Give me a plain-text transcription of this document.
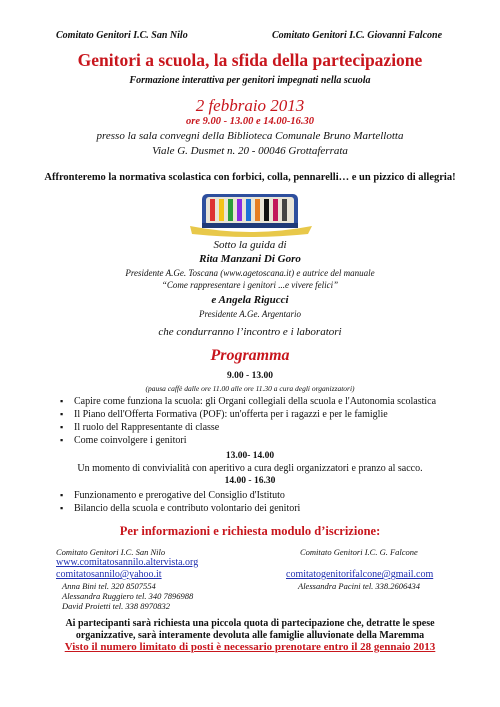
Comitato Genitori I.C. San Nilo	Comitato Genitori I.C. Giovanni Falcone
Genitori a scuola, la sfida della partecipazione
Formazione interattiva per genitori impegnati nella scuola
2 febbraio 2013
ore 9.00 - 13.00 e 14.00-16.30
presso la sala convegni della Biblioteca Comunale Bruno Martellotta
Viale G. Dusmet n. 20 - 00046 Grottaferrata
Affronteremo la normativa scolastica con forbici, colla, pennarelli… e un pizzico di allegria!
Sotto la guida di
Rita Manzani Di Goro
Presidente A.Ge. Toscana (www.agetoscana.it) e autrice del manuale
“Come rappresentare i genitori ...e vivere felici”
e Angela Rigucci
Presidente A.Ge. Argentario
che condurranno l’incontro e i laboratori
Programma
9.00 - 13.00
(pausa caffè dalle ore 11.00 alle ore 11.30 a cura degli organizzatori)
▪ Capire come funziona la scuola: gli Organi collegiali della scuola e l'Autonomia scolastica
▪ Il Piano dell'Offerta Formativa (POF): un'offerta per i ragazzi e per le famiglie
▪ Il ruolo del Rappresentante di classe
▪ Come coinvolgere i genitori
13.00- 14.00
Un momento di convivialità con aperitivo a cura degli organizzatori e pranzo al sacco.
14.00 - 16.30
▪ Funzionamento e prerogative del Consiglio d'Istituto
▪ Bilancio della scuola e contributo volontario dei genitori
Per informazioni e richiesta modulo d’iscrizione:
Comitato Genitori I.C. San Nilo	Comitato Genitori I.C. G. Falcone
www.comitatosannilo.altervista.org
comitatosannilo@yahoo.it	comitatogenitorifalcone@gmail.com
Anna Bini tel. 320 8507554	Alessandra Pacini tel. 338.2606434
Alessandra Ruggiero tel. 340 7896988
David Proietti tel. 338 8970832
Ai partecipanti sarà richiesta una piccola quota di partecipazione che, detratte le spese
organizzative, sarà interamente devoluta alle famiglie alluvionate della Maremma
Visto il numero limitato di posti è necessario prenotare entro il 28 gennaio 2013
